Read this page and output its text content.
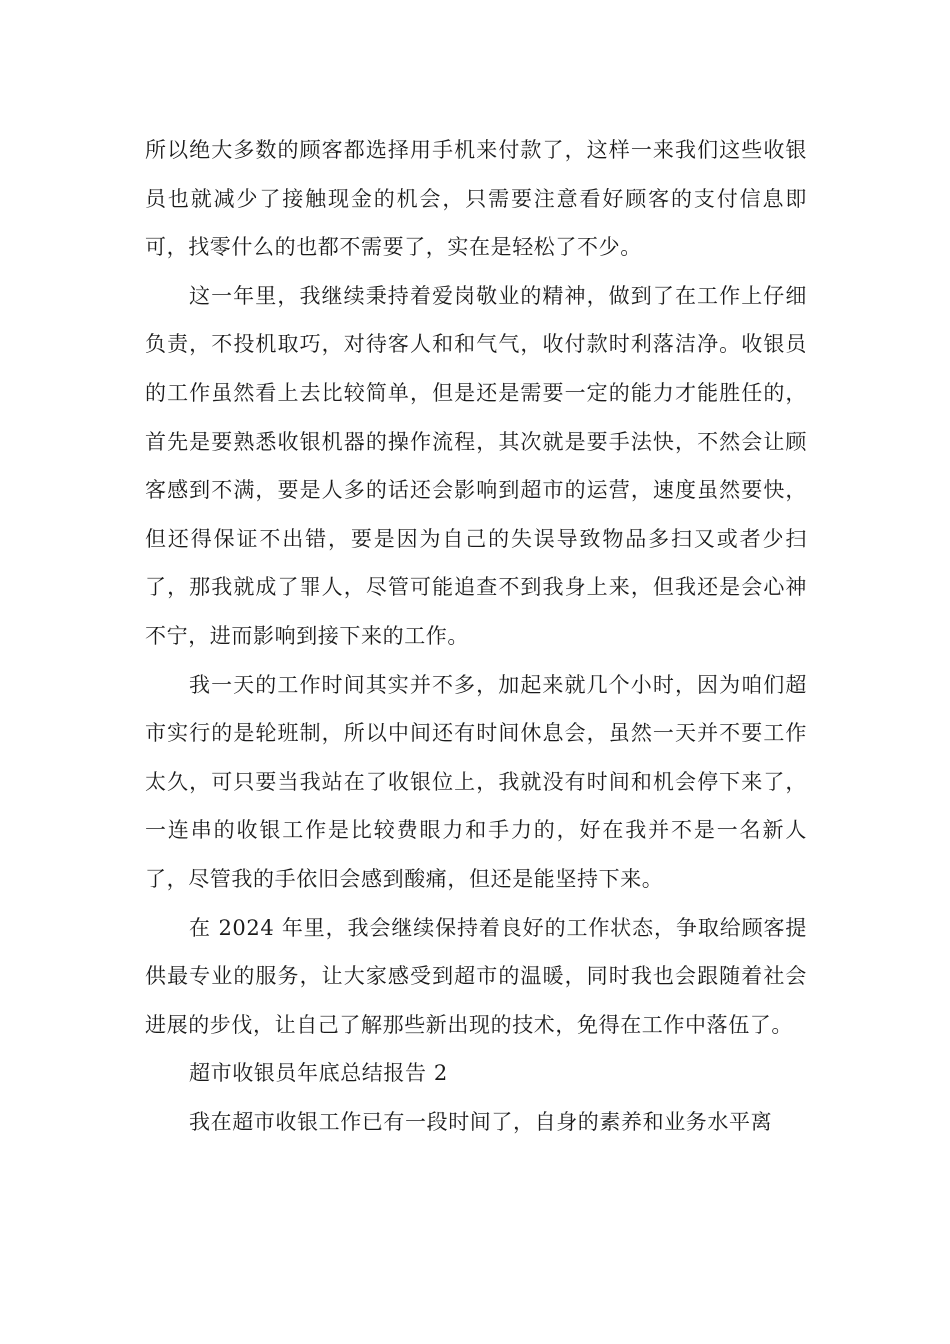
所以绝大多数的顾客都选择用手机来付款了，这样一来我们这些收银员也就减少了接触现金的机会，只需要注意看好顾客的支付信息即可，找零什么的也都不需要了，实在是轻松了不少。

这一年里，我继续秉持着爱岗敬业的精神，做到了在工作上仔细负责，不投机取巧，对待客人和和气气，收付款时利落洁净。收银员的工作虽然看上去比较简单，但是还是需要一定的能力才能胜任的，首先是要熟悉收银机器的操作流程，其次就是要手法快，不然会让顾客感到不满，要是人多的话还会影响到超市的运营，速度虽然要快，但还得保证不出错，要是因为自己的失误导致物品多扫又或者少扫了，那我就成了罪人，尽管可能追查不到我身上来，但我还是会心神不宁，进而影响到接下来的工作。

我一天的工作时间其实并不多，加起来就几个小时，因为咱们超市实行的是轮班制，所以中间还有时间休息会，虽然一天并不要工作太久，可只要当我站在了收银位上，我就没有时间和机会停下来了，一连串的收银工作是比较费眼力和手力的，好在我并不是一名新人了，尽管我的手依旧会感到酸痛，但还是能坚持下来。

在 2024 年里，我会继续保持着良好的工作状态，争取给顾客提供最专业的服务，让大家感受到超市的温暖，同时我也会跟随着社会进展的步伐，让自己了解那些新出现的技术，免得在工作中落伍了。

超市收银员年底总结报告 2

我在超市收银工作已有一段时间了，自身的素养和业务水平离
